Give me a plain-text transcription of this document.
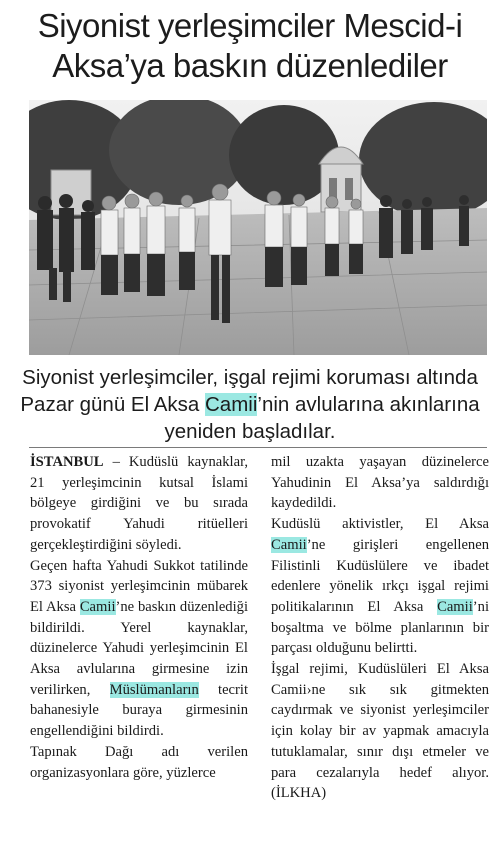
Siyonist yerleşimciler Mescid-i
Aksa’ya baskın düzenlediler
Siyonist yerleşimciler, işgal rejimi koruması altında Pazar günü El Aksa Camii’nin avlularına akınlarına yeniden başladılar.

İSTANBUL – Kudüslü kaynaklar, 21 yerleşimcinin kutsal İslami bölgeye girdiğini ve bu sırada provokatif Yahudi ritüelleri gerçekleştirdiğini söyledi.

Geçen hafta Yahudi Sukkot tatilinde 373 siyonist yerleşimcinin mübarek El Aksa Camii’ne baskın düzenlediği bildirildi. Yerel kaynaklar, düzinelerce Yahudi yerleşimcinin El Aksa avlularına girmesine izin verilirken, Müslümanların tecrit bahanesiyle buraya girmesinin engellendiğini bildirdi.

Tapınak Dağı adı verilen organizasyonlara göre, yüzlerce

mil uzakta yaşayan düzinelerce Yahudinin El Aksa’ya saldırdığı kaydedildi.

Kudüslü aktivistler, El Aksa Camii’ne girişleri engellenen Filistinli Kudüslülere ve ibadet edenlere yönelik ırkçı işgal rejimi politikalarının El Aksa Camii’ni boşaltma ve bölme planlarının bir parçası olduğunu belirtti.

İşgal rejimi, Kudüslüleri El Aksa Camii›ne sık sık gitmekten caydırmak ve siyonist yerleşimciler için kolay bir av yapmak amacıyla tutuklamalar, sınır dışı etmeler ve para cezalarıyla hedef alıyor. (İLKHA)
